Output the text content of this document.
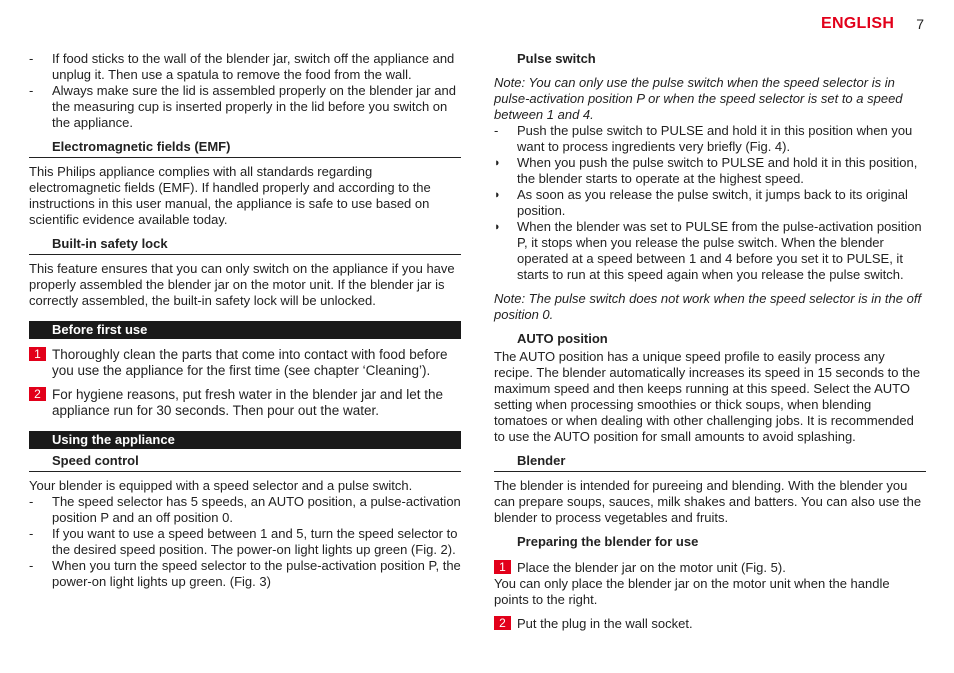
ENGLISH 7
- If food sticks to the wall of the blender jar, switch off the appliance and unplug it. Then use a spatula to remove the food from the wall.
- Always make sure the lid is assembled properly on the blender jar and the measuring cup is inserted properly in the lid before you switch on the appliance.
Electromagnetic fields (EMF)
This Philips appliance complies with all standards regarding electromagnetic fields (EMF). If handled properly and according to the instructions in this user manual, the appliance is safe to use based on scientific evidence available today.
Built-in safety lock
This feature ensures that you can only switch on the appliance if you have properly assembled the blender jar on the motor unit. If the blender jar is correctly assembled, the built-in safety lock will be unlocked.
Before first use
1 Thoroughly clean the parts that come into contact with food before you use the appliance for the first time (see chapter ‘Cleaning’).
2 For hygiene reasons, put fresh water in the blender jar and let the appliance run for 30 seconds. Then pour out the water.
Using the appliance
Speed control
Your blender is equipped with a speed selector and a pulse switch.
- The speed selector has 5 speeds, an AUTO position, a pulse-activation position P and an off position 0.
- If you want to use a speed between 1 and 5, turn the speed selector to the desired speed position. The power-on light lights up green (Fig. 2).
- When you turn the speed selector to the pulse-activation position P, the power-on light lights up green. (Fig. 3)
Pulse switch
Note: You can only use the pulse switch when the speed selector is in pulse-activation position P or when the speed selector is set to a speed between 1 and 4.
- Push the pulse switch to PULSE and hold it in this position when you want to process ingredients very briefly (Fig. 4).
◗ When you push the pulse switch to PULSE and hold it in this position, the blender starts to operate at the highest speed.
◗ As soon as you release the pulse switch, it jumps back to its original position.
◗ When the blender was set to PULSE from the pulse-activation position P, it stops when you release the pulse switch. When the blender operated at a speed between 1 and 4 before you set it to PULSE, it starts to run at this speed again when you release the pulse switch.
Note: The pulse switch does not work when the speed selector is in the off position 0.
AUTO position
The AUTO position has a unique speed profile to easily process any recipe. The blender automatically increases its speed in 15 seconds to the maximum speed and then keeps running at this speed. Select the AUTO setting when processing smoothies or thick soups, when blending tomatoes or when dealing with other challenging jobs. It is recommended to use the AUTO position for small amounts to avoid splashing.
Blender
The blender is intended for pureeing and blending. With the blender you can prepare soups, sauces, milk shakes and batters. You can also use the blender to process vegetables and fruits.
Preparing the blender for use
1 Place the blender jar on the motor unit (Fig. 5).
You can only place the blender jar on the motor unit when the handle points to the right.
2 Put the plug in the wall socket.
